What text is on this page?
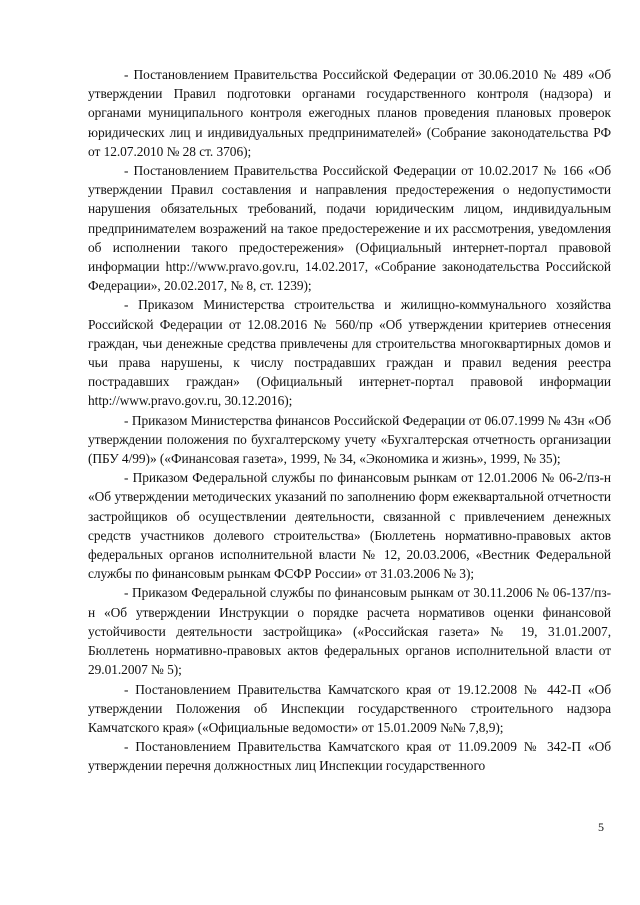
- Постановлением Правительства Российской Федерации от 30.06.2010 № 489 «Об утверждении Правил подготовки органами государственного контроля (надзора) и органами муниципального контроля ежегодных планов проведения плановых проверок юридических лиц и индивидуальных предпринимателей» (Собрание законодательства РФ от 12.07.2010 № 28 ст. 3706);

- Постановлением Правительства Российской Федерации от 10.02.2017 № 166 «Об утверждении Правил составления и направления предостережения о недопустимости нарушения обязательных требований, подачи юридическим лицом, индивидуальным предпринимателем возражений на такое предостережение и их рассмотрения, уведомления об исполнении такого предостережения» (Официальный интернет-портал правовой информации http://www.pravo.gov.ru, 14.02.2017, «Собрание законодательства Российской Федерации», 20.02.2017, № 8, ст. 1239);

- Приказом Министерства строительства и жилищно-коммунального хозяйства Российской Федерации от 12.08.2016 № 560/пр «Об утверждении критериев отнесения граждан, чьи денежные средства привлечены для строительства многоквартирных домов и чьи права нарушены, к числу пострадавших граждан и правил ведения реестра пострадавших граждан» (Официальный интернет-портал правовой информации http://www.pravo.gov.ru, 30.12.2016);

- Приказом Министерства финансов Российской Федерации от 06.07.1999 № 43н «Об утверждении положения по бухгалтерскому учету «Бухгалтерская отчетность организации (ПБУ 4/99)» («Финансовая газета», 1999, № 34, «Экономика и жизнь», 1999, № 35);

- Приказом Федеральной службы по финансовым рынкам от 12.01.2006 № 06-2/пз-н «Об утверждении методических указаний по заполнению форм ежеквартальной отчетности застройщиков об осуществлении деятельности, связанной с привлечением денежных средств участников долевого строительства» (Бюллетень нормативно-правовых актов федеральных органов исполнительной власти № 12, 20.03.2006, «Вестник Федеральной службы по финансовым рынкам ФСФР России» от 31.03.2006 № 3);

- Приказом Федеральной службы по финансовым рынкам от 30.11.2006 № 06-137/пз-н «Об утверждении Инструкции о порядке расчета нормативов оценки финансовой устойчивости деятельности застройщика» («Российская газета» № 19, 31.01.2007, Бюллетень нормативно-правовых актов федеральных органов исполнительной власти от 29.01.2007 № 5);

- Постановлением Правительства Камчатского края от 19.12.2008 № 442-П «Об утверждении Положения об Инспекции государственного строительного надзора Камчатского края» («Официальные ведомости» от 15.01.2009 №№ 7,8,9);

- Постановлением Правительства Камчатского края от 11.09.2009 № 342-П «Об утверждении перечня должностных лиц Инспекции государственного

5
